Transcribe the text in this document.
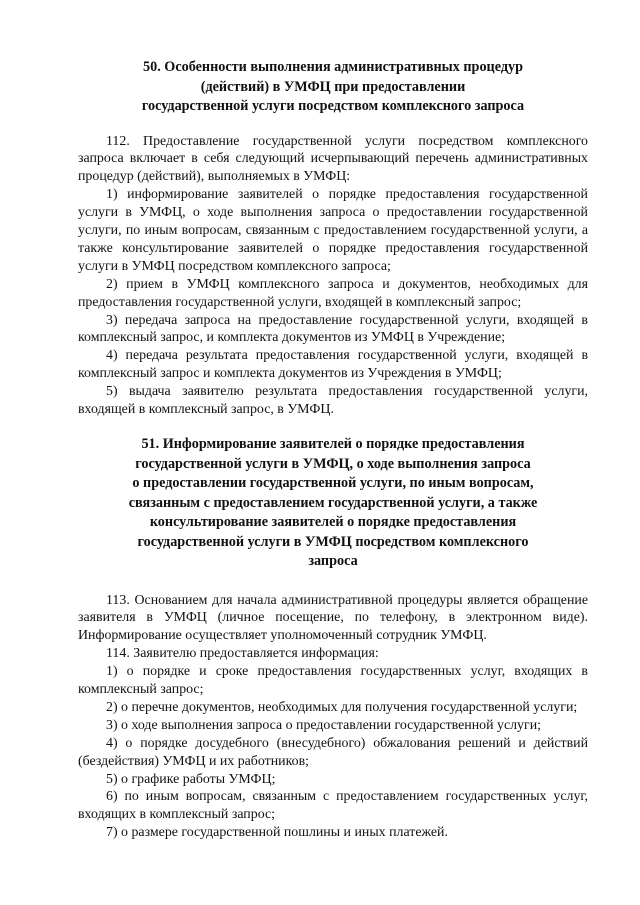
50. Особенности выполнения административных процедур
(действий) в УМФЦ при предоставлении
государственной услуги посредством комплексного запроса

112. Предоставление государственной услуги посредством комплексного запроса включает в себя следующий исчерпывающий перечень административных процедур (действий), выполняемых в УМФЦ:

1) информирование заявителей о порядке предоставления государственной услуги в УМФЦ, о ходе выполнения запроса о предоставлении государственной услуги, по иным вопросам, связанным с предоставлением государственной услуги, а также консультирование заявителей о порядке предоставления государственной услуги в УМФЦ посредством комплексного запроса;

2) прием в УМФЦ комплексного запроса и документов, необходимых для предоставления государственной услуги, входящей в комплексный запрос;

3) передача запроса на предоставление государственной услуги, входящей в комплексный запрос, и комплекта документов из УМФЦ в Учреждение;

4) передача результата предоставления государственной услуги, входящей в комплексный запрос и комплекта документов из Учреждения в УМФЦ;

5) выдача заявителю результата предоставления государственной услуги, входящей в комплексный запрос, в УМФЦ.

51. Информирование заявителей о порядке предоставления
государственной услуги в УМФЦ, о ходе выполнения запроса
о предоставлении государственной услуги, по иным вопросам,
связанным с предоставлением государственной услуги, а также
консультирование заявителей о порядке предоставления
государственной услуги в УМФЦ посредством комплексного
запроса

113. Основанием для начала административной процедуры является обращение заявителя в УМФЦ (личное посещение, по телефону, в электронном виде). Информирование осуществляет уполномоченный сотрудник УМФЦ.

114. Заявителю предоставляется информация:

1) о порядке и сроке предоставления государственных услуг, входящих в комплексный запрос;

2) о перечне документов, необходимых для получения государственной услуги;

3) о ходе выполнения запроса о предоставлении государственной услуги;

4) о порядке досудебного (внесудебного) обжалования решений и действий (бездействия) УМФЦ и их работников;

5) о графике работы УМФЦ;

6) по иным вопросам, связанным с предоставлением государственных услуг, входящих в комплексный запрос;

7) о размере государственной пошлины и иных платежей.
